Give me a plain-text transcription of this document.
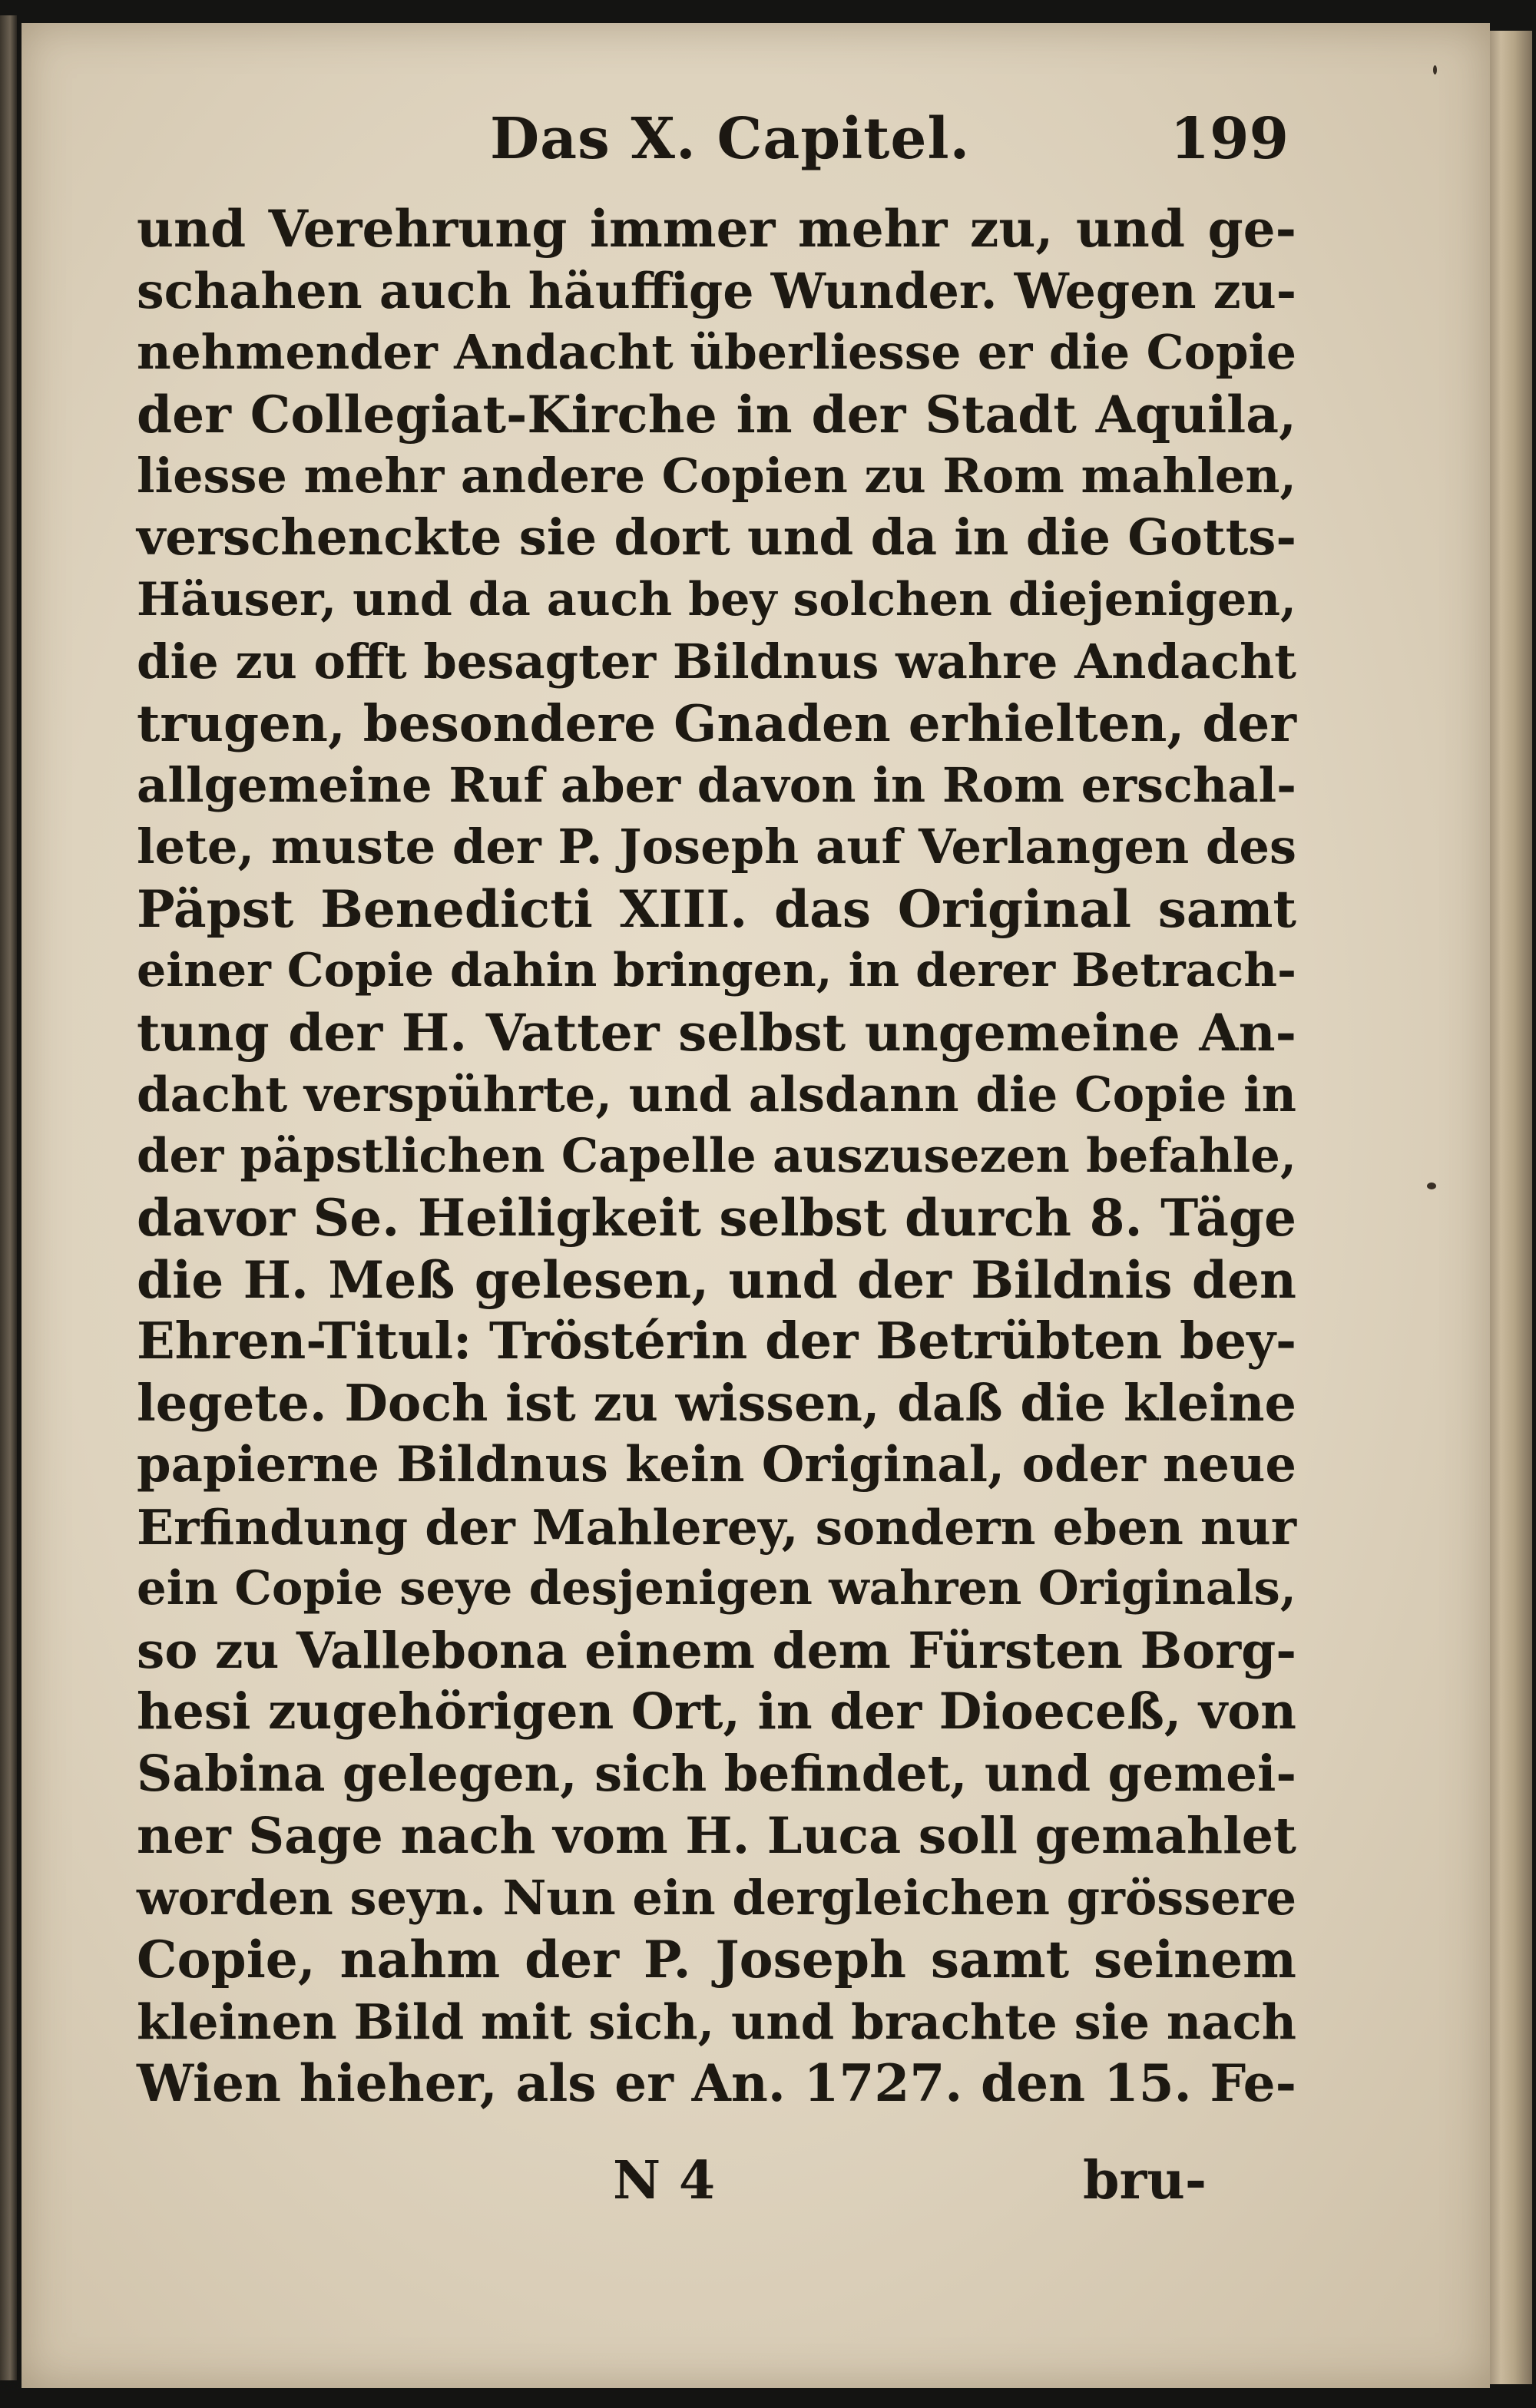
Das X. Capitel.	199
und Verehrung immer mehr zu, und ge-
schahen auch häuffige Wunder. Wegen zu-
nehmender Andacht überliesse er die Copie
der Collegiat-Kirche in der Stadt Aquila,
liesse mehr andere Copien zu Rom mahlen,
verschenckte sie dort und da in die Gotts-
Häuser, und da auch bey solchen diejenigen,
die zu offt besagter Bildnus wahre Andacht
trugen, besondere Gnaden erhielten, der
allgemeine Ruf aber davon in Rom erschal-
lete, muste der P. Joseph auf Verlangen des
Päpst Benedicti XIII. das Original samt
einer Copie dahin bringen, in derer Betrach-
tung der H. Vatter selbst ungemeine An-
dacht verspührte, und alsdann die Copie in
der päpstlichen Capelle auszusezen befahle,
davor Se. Heiligkeit selbst durch 8. Täge
die H. Meß gelesen, und der Bildnis den
Ehren-Titul: Tröstérin der Betrübten bey-
legete. Doch ist zu wissen, daß die kleine
papierne Bildnus kein Original, oder neue
Erfindung der Mahlerey, sondern eben nur
ein Copie seye desjenigen wahren Originals,
so zu Vallebona einem dem Fürsten Borg-
hesi zugehörigen Ort, in der Dioeceß, von
Sabina gelegen, sich befindet, und gemei-
ner Sage nach vom H. Luca soll gemahlet
worden seyn. Nun ein dergleichen grössere
Copie, nahm der P. Joseph samt seinem
kleinen Bild mit sich, und brachte sie nach
Wien hieher, als er An. 1727. den 15. Fe-
N 4	bru-
